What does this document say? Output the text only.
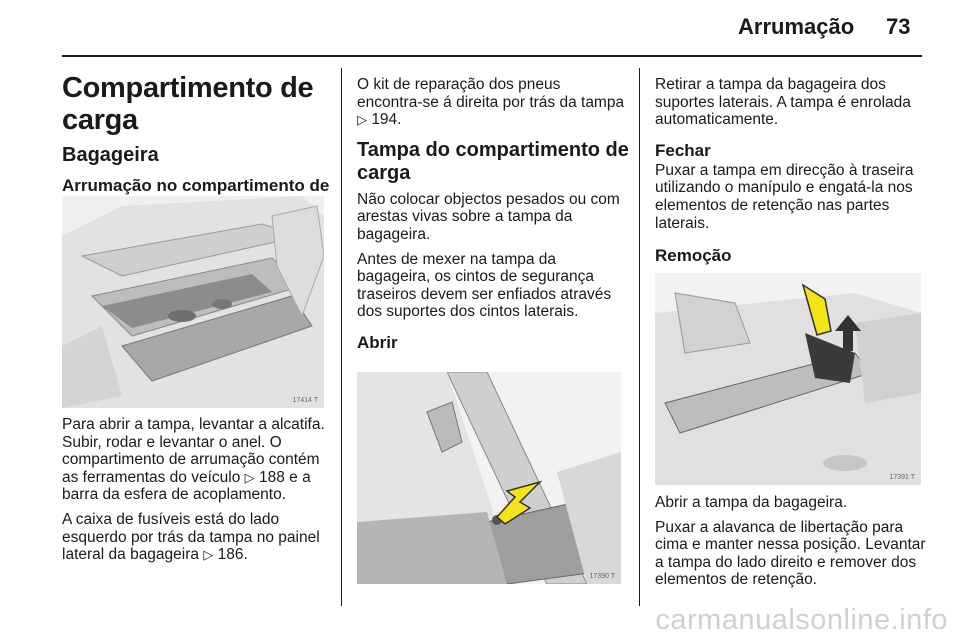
Arrumação 73
Compartimento de carga
Bagageira
Arrumação no compartimento de
17414 T

Para abrir a tampa, levantar a alcatifa. Subir, rodar e levantar o anel. O compartimento de arrumação contém as ferramentas do veículo ▷ 188 e a barra da esfera de acoplamento.

A caixa de fusíveis está do lado esquerdo por trás da tampa no painel lateral da bagageira ▷ 186.

O kit de reparação dos pneus encontra-se á direita por trás da tampa ▷ 194.

Tampa do compartimento de carga

Não colocar objectos pesados ou com arestas vivas sobre a tampa da bagageira.

Antes de mexer na tampa da bagageira, os cintos de segurança traseiros devem ser enfiados através dos suportes dos cintos laterais.

Abrir
17390 T

Retirar a tampa da bagageira dos suportes laterais. A tampa é enrolada automaticamente.

Fechar

Puxar a tampa em direcção à traseira utilizando o manípulo e engatá-la nos elementos de retenção nas partes laterais.

Remoção
17391 T

Abrir a tampa da bagageira.

Puxar a alavanca de libertação para cima e manter nessa posição. Levantar a tampa do lado direito e remover dos elementos de retenção.

carmanualsonline.info
